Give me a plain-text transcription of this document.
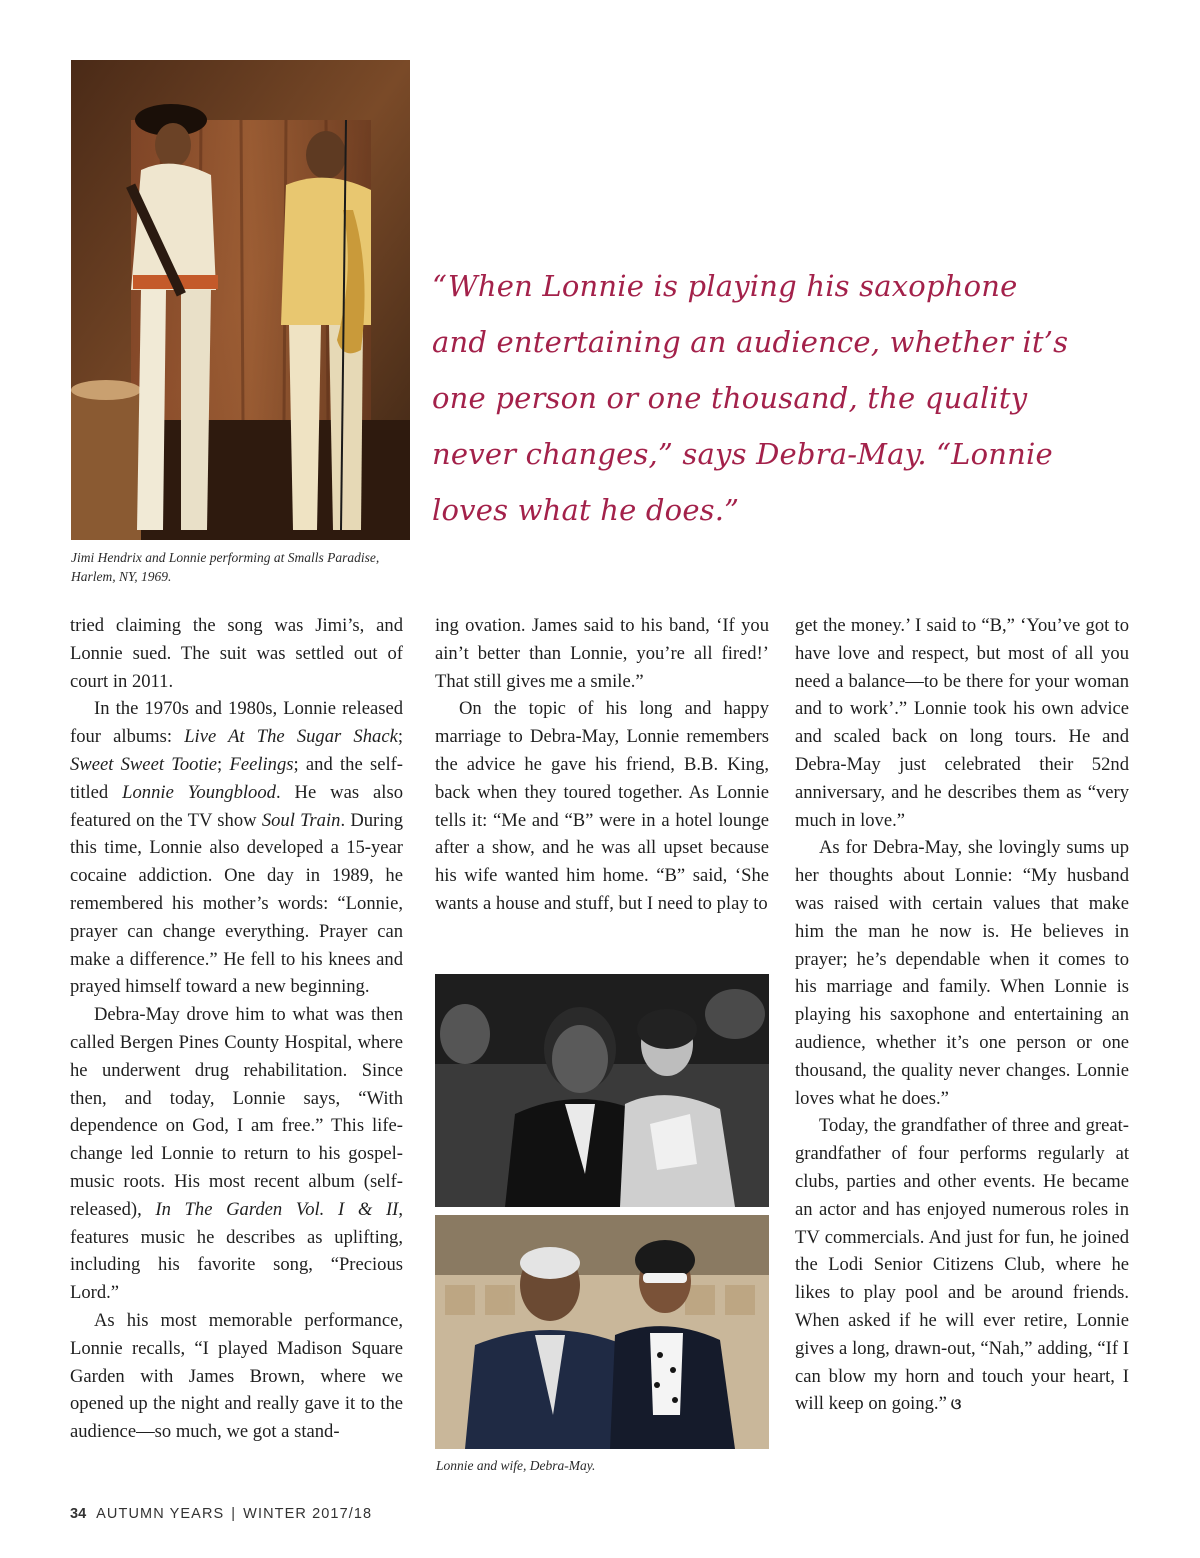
Jimi Hendrix and Lonnie performing at Smalls Paradise, Harlem, NY, 1969.
“When Lonnie is playing his saxophone and entertaining an audience, whether it’s one person or one thousand, the quality never changes,” says Debra-May. “Lonnie loves what he does.”

tried claiming the song was Jimi’s, and Lonnie sued. The suit was settled out of court in 2011.

In the 1970s and 1980s, Lonnie released four albums: Live At The Sugar Shack; Sweet Sweet Tootie; Feelings; and the self-titled Lonnie Youngblood. He was also featured on the TV show Soul Train. During this time, Lonnie also developed a 15-year cocaine addiction. One day in 1989, he remembered his mother’s words: “Lonnie, prayer can change everything. Prayer can make a difference.” He fell to his knees and prayed himself toward a new beginning.

Debra-May drove him to what was then called Bergen Pines County Hospital, where he underwent drug rehabilitation. Since then, and today, Lonnie says, “With dependence on God, I am free.” This life-change led Lonnie to return to his gospel-music roots. His most recent album (self-released), In The Garden Vol. I & II, features music he describes as uplifting, including his favorite song, “Precious Lord.”

As his most memorable performance, Lonnie recalls, “I played Madison Square Garden with James Brown, where we opened up the night and really gave it to the audience—so much, we got a stand-

ing ovation. James said to his band, ‘If you ain’t better than Lonnie, you’re all fired!’ That still gives me a smile.”

On the topic of his long and happy marriage to Debra-May, Lonnie remembers the advice he gave his friend, B.B. King, back when they toured together. As Lonnie tells it: “Me and “B” were in a hotel lounge after a show, and he was all upset because his wife wanted him home. “B” said, ‘She wants a house and stuff, but I need to play to

Lonnie and wife, Debra-May.

get the money.’ I said to “B,” ‘You’ve got to have love and respect, but most of all you need a balance—to be there for your woman and to work’.” Lonnie took his own advice and scaled back on long tours. He and Debra-May just celebrated their 52nd anniversary, and he describes them as “very much in love.”

As for Debra-May, she lovingly sums up her thoughts about Lonnie: “My husband was raised with certain values that make him the man he now is. He believes in prayer; he’s dependable when it comes to his marriage and family. When Lonnie is playing his saxophone and entertaining an audience, whether it’s one person or one thousand, the quality never changes. Lonnie loves what he does.”

Today, the grandfather of three and great-grandfather of four performs regularly at clubs, parties and other events. He became an actor and has enjoyed numerous roles in TV commercials. And just for fun, he joined the Lodi Senior Citizens Club, where he likes to play pool and be around friends. When asked if he will ever retire, Lonnie gives a long, drawn-out, “Nah,” adding, “If I can blow my horn and touch your heart, I will keep on going.” ଓ

34 AUTUMN YEARS | WINTER 2017/18
